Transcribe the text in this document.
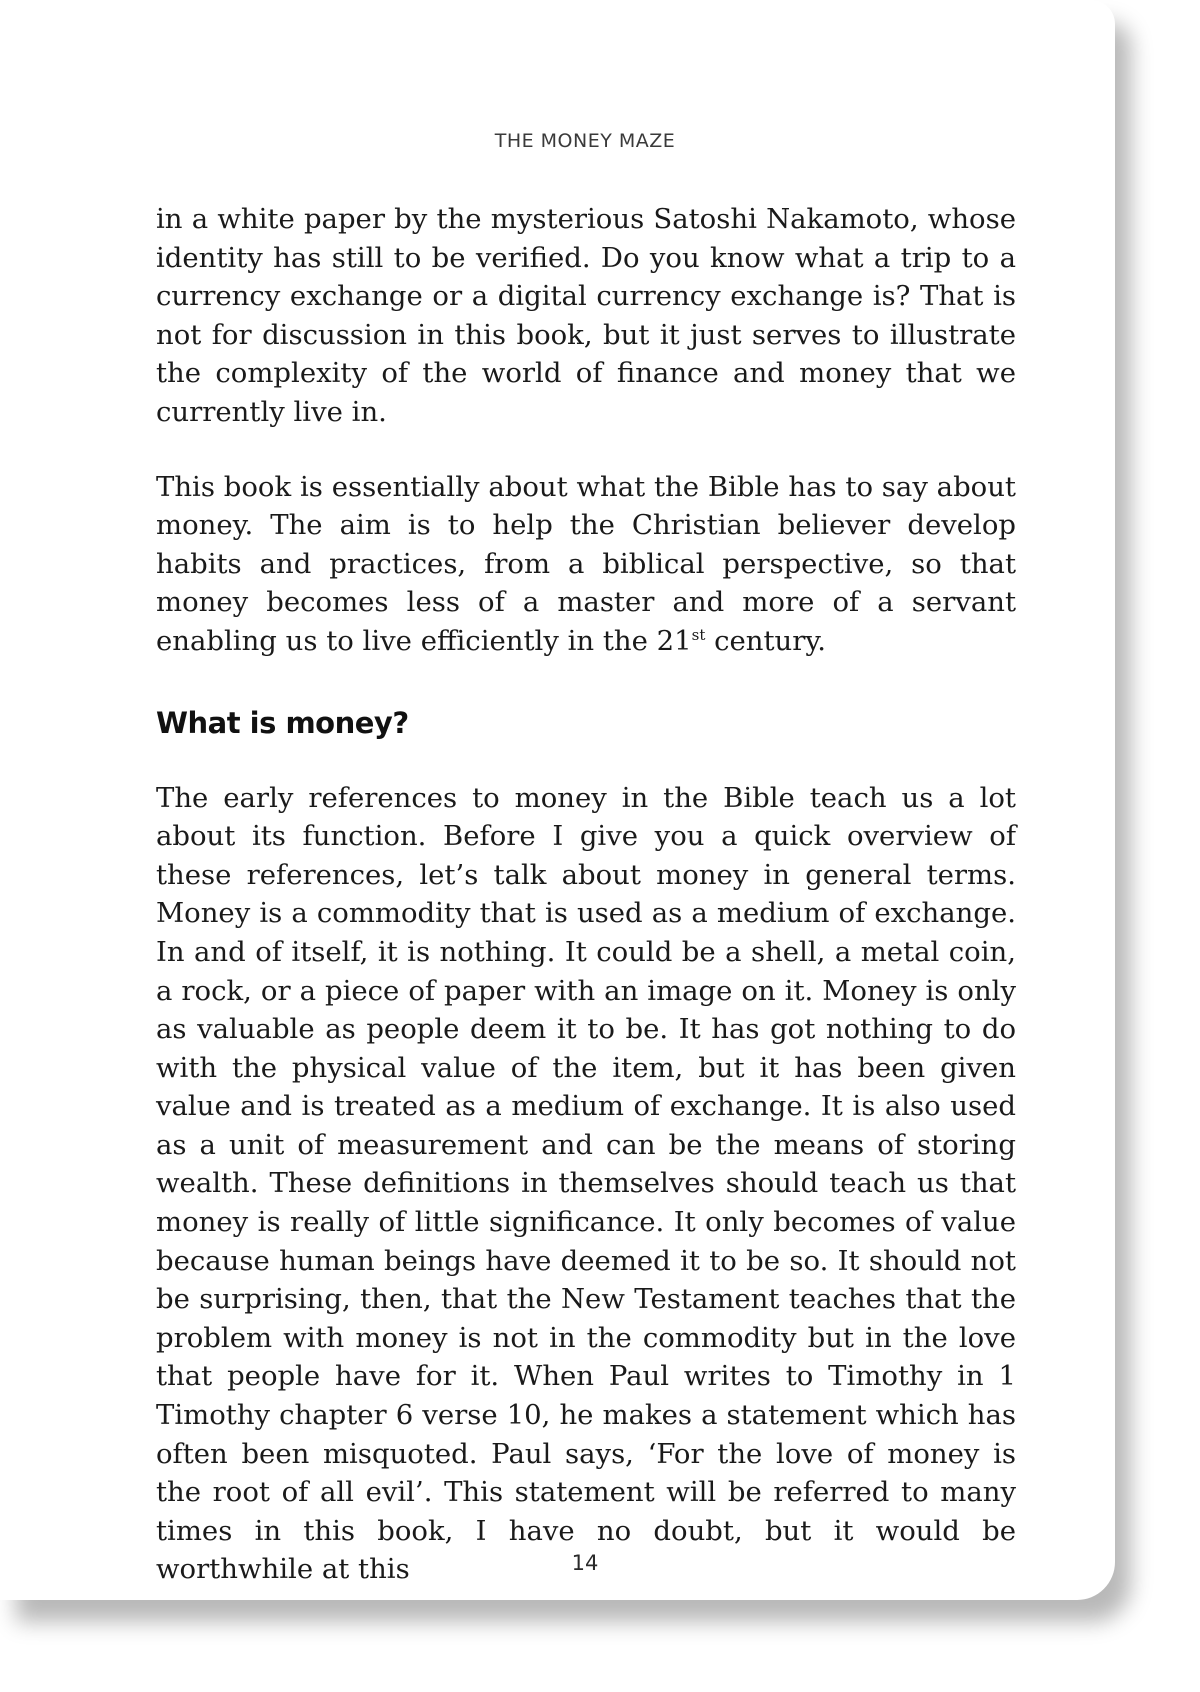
THE MONEY MAZE

in a white paper by the mysterious Satoshi Nakamoto, whose identity has still to be verified. Do you know what a trip to a currency exchange or a digital currency exchange is? That is not for discussion in this book, but it just serves to illustrate the complexity of the world of finance and money that we currently live in.

This book is essentially about what the Bible has to say about money. The aim is to help the Christian believer develop habits and practices, from a biblical perspective, so that money becomes less of a master and more of a servant enabling us to live efficiently in the 21st century.

What is money?

The early references to money in the Bible teach us a lot about its function. Before I give you a quick overview of these references, let’s talk about money in general terms. Money is a commodity that is used as a medium of exchange. In and of itself, it is nothing. It could be a shell, a metal coin, a rock, or a piece of paper with an image on it. Money is only as valuable as people deem it to be. It has got nothing to do with the physical value of the item, but it has been given value and is treated as a medium of exchange. It is also used as a unit of measurement and can be the means of storing wealth. These definitions in themselves should teach us that money is really of little significance. It only becomes of value because human beings have deemed it to be so. It should not be surprising, then, that the New Testament teaches that the problem with money is not in the commodity but in the love that people have for it. When Paul writes to Timothy in 1 Timothy chapter 6 verse 10, he makes a statement which has often been misquoted. Paul says, ‘For the love of money is the root of all evil’. This statement will be referred to many times in this book, I have no doubt, but it would be worthwhile at this	14
